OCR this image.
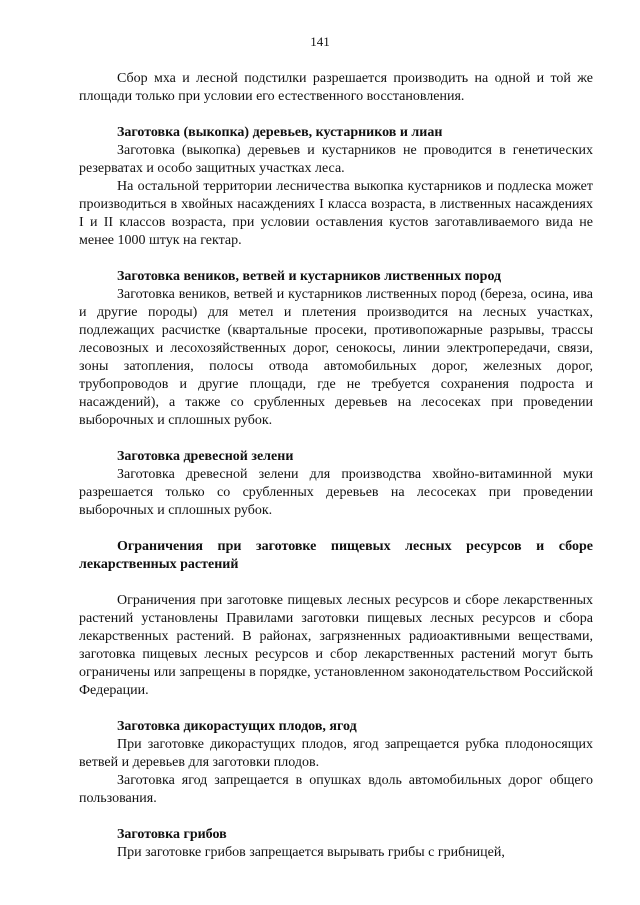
141

Сбор мха и лесной подстилки разрешается производить на одной и той же площади только при условии его естественного восстановления.

Заготовка (выкопка) деревьев, кустарников и лиан

Заготовка (выкопка) деревьев и кустарников не проводится в генетических резерватах и особо защитных участках леса.

На остальной территории лесничества выкопка кустарников и подлеска может производиться в хвойных насаждениях I класса возраста, в лиственных насаждениях I и II классов возраста, при условии оставления кустов заготавливаемого вида не менее 1000 штук на гектар.

Заготовка веников, ветвей и кустарников лиственных пород

Заготовка веников, ветвей и кустарников лиственных пород (береза, осина, ива и другие породы) для метел и плетения производится на лесных участках, подлежащих расчистке (квартальные просеки, противопожарные разрывы, трассы лесовозных и лесохозяйственных дорог, сенокосы, линии электропередачи, связи, зоны затопления, полосы отвода автомобильных дорог, железных дорог, трубопроводов и другие площади, где не требуется сохранения подроста и насаждений), а также со срубленных деревьев на лесосеках при проведении выборочных и сплошных рубок.

Заготовка древесной зелени

Заготовка древесной зелени для производства хвойно-витаминной муки разрешается только со срубленных деревьев на лесосеках при проведении выборочных и сплошных рубок.

Ограничения при заготовке пищевых лесных ресурсов и сборе лекарственных растений

Ограничения при заготовке пищевых лесных ресурсов и сборе лекарственных растений установлены Правилами заготовки пищевых лесных ресурсов и сбора лекарственных растений. В районах, загрязненных радиоактивными веществами, заготовка пищевых лесных ресурсов и сбор лекарственных растений могут быть ограничены или запрещены в порядке, установленном законодательством Российской Федерации.

Заготовка дикорастущих плодов, ягод

При заготовке дикорастущих плодов, ягод запрещается рубка плодоносящих ветвей и деревьев для заготовки плодов.

Заготовка ягод запрещается в опушках вдоль автомобильных дорог общего пользования.

Заготовка грибов

При заготовке грибов запрещается вырывать грибы с грибницей,
